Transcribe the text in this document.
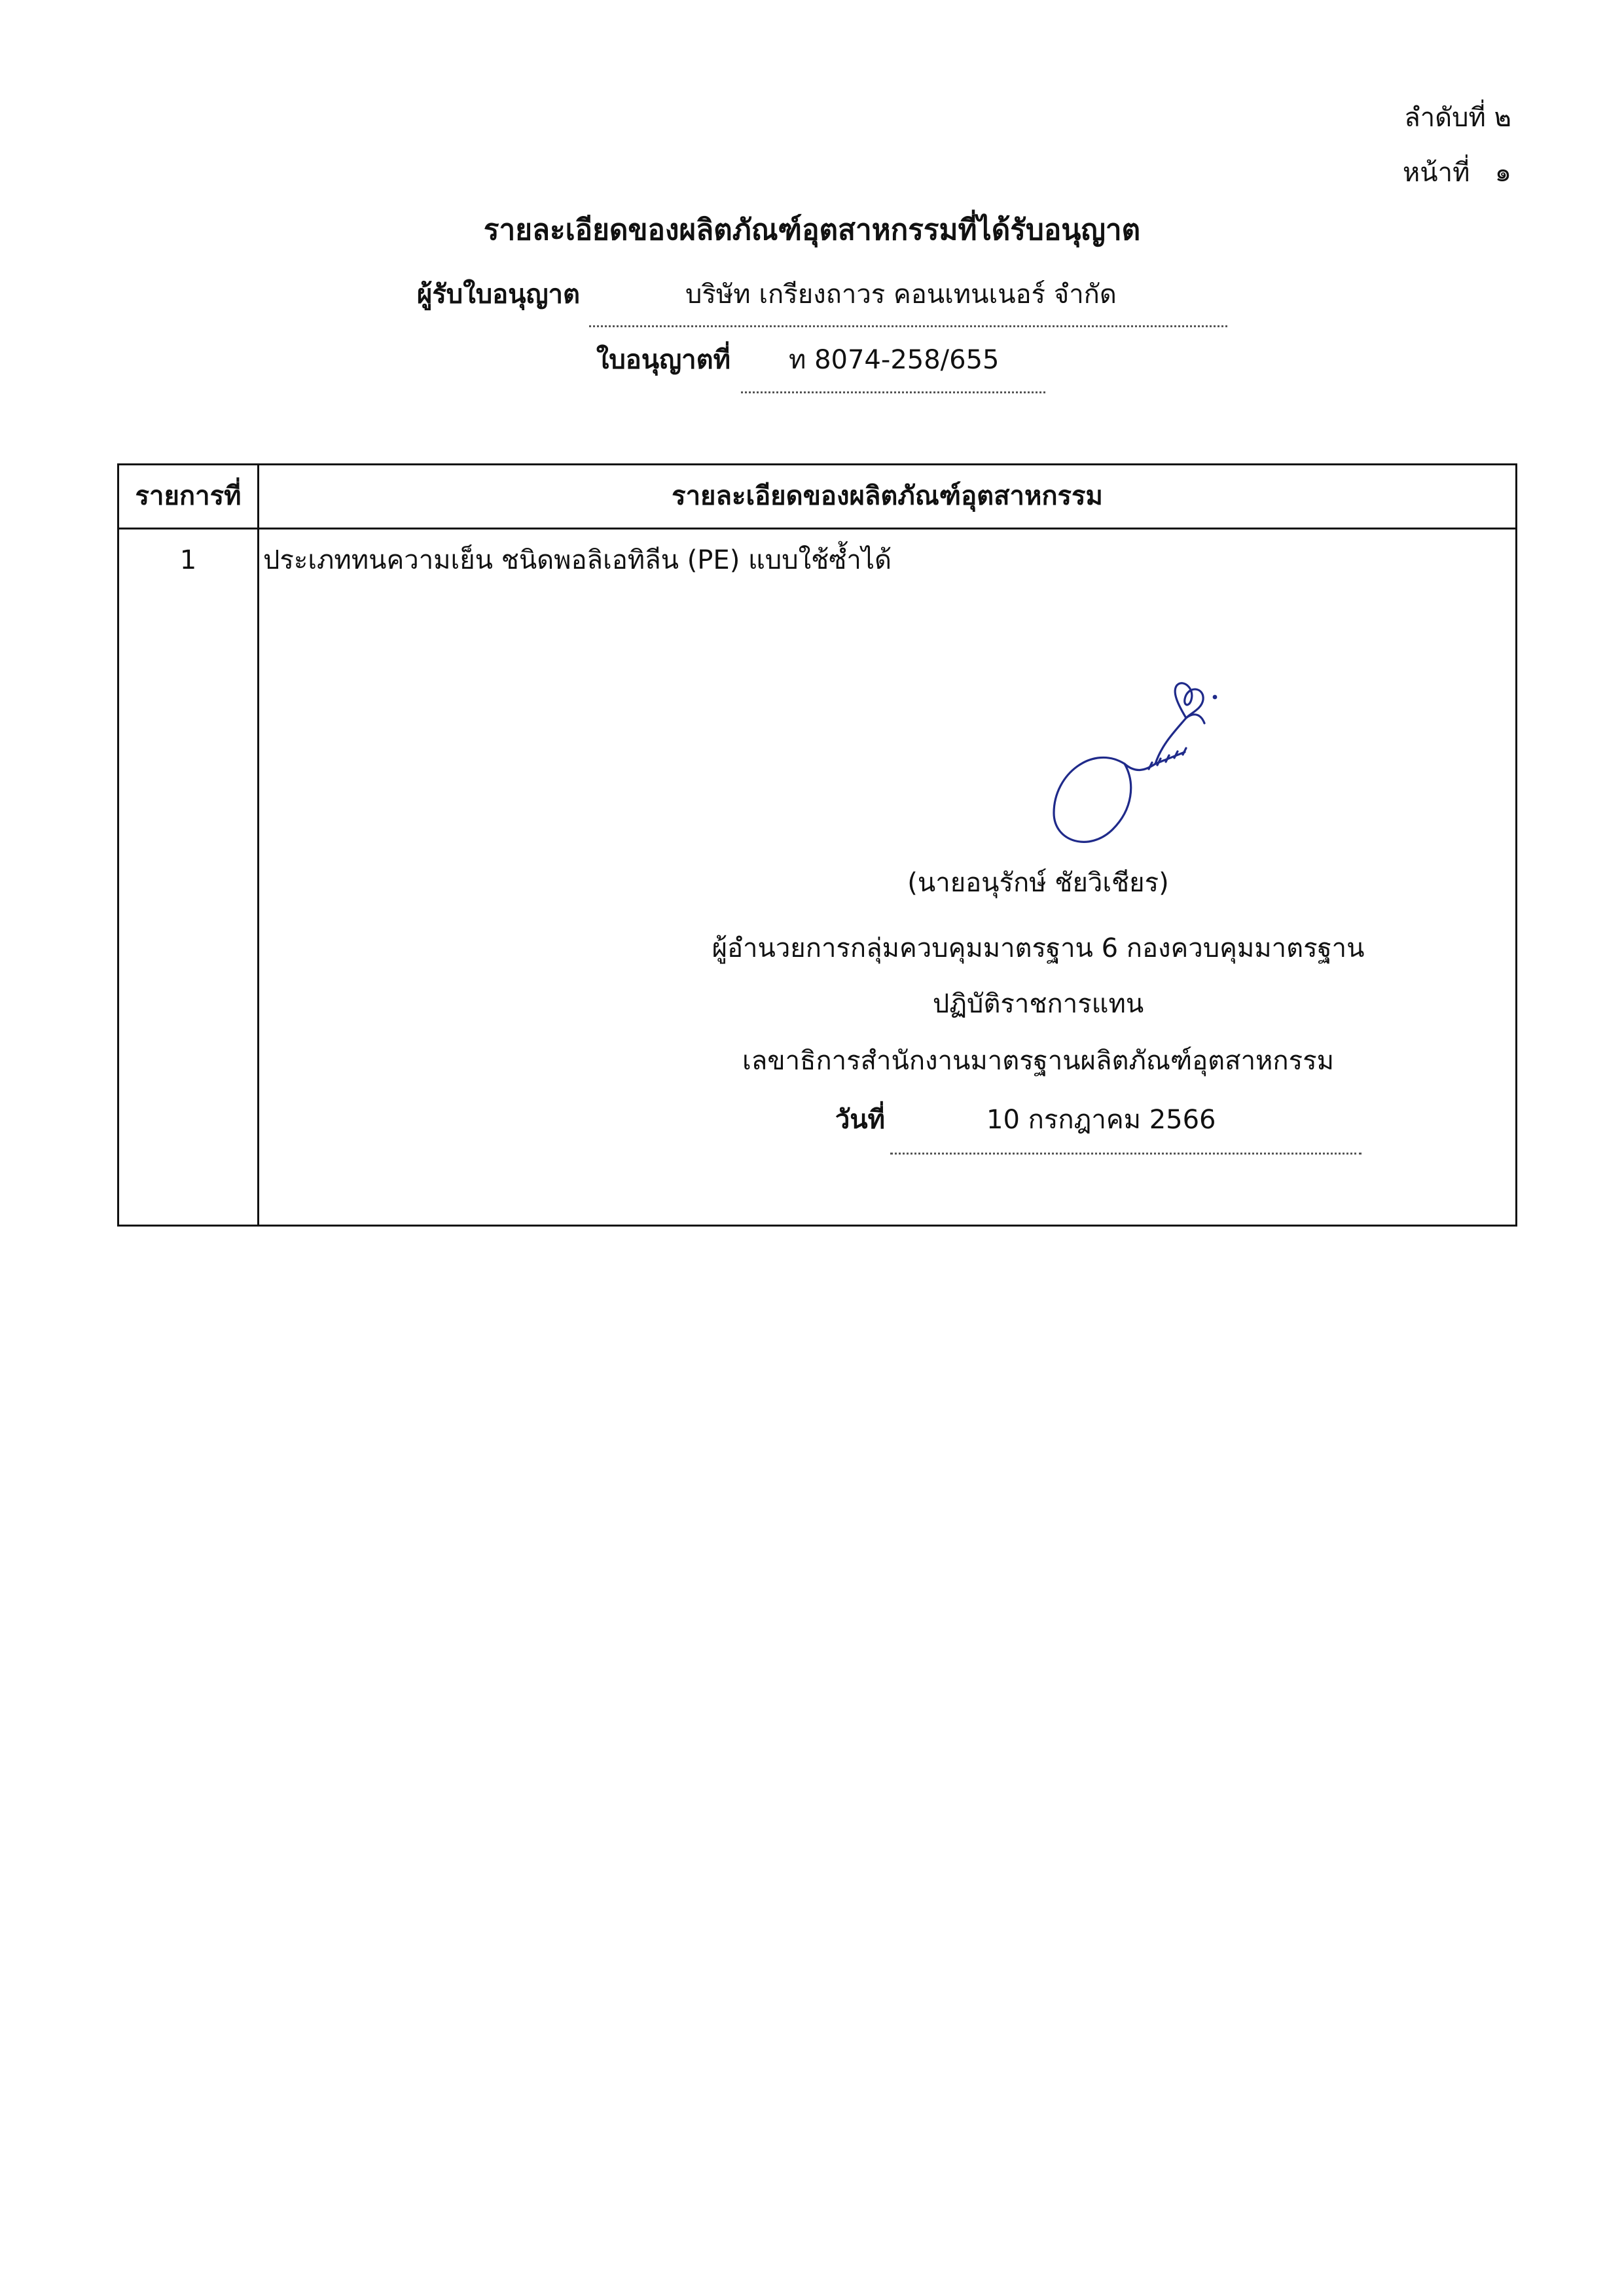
ลำดับที่ ๒
หน้าที่   ๑
รายละเอียดของผลิตภัณฑ์อุตสาหกรรมที่ได้รับอนุญาต
ผู้รับใบอนุญาต	บริษัท เกรียงถาวร คอนเทนเนอร์ จำกัด
ใบอนุญาตที่ ท 8074-258/655
รายการที่	รายละเอียดของผลิตภัณฑ์อุตสาหกรรม
1	ประเภททนความเย็น ชนิดพอลิเอทิลีน (PE) แบบใช้ซ้ำได้
(นายอนุรักษ์ ชัยวิเชียร)
ผู้อำนวยการกลุ่มควบคุมมาตรฐาน 6 กองควบคุมมาตรฐาน
ปฏิบัติราชการแทน
เลขาธิการสำนักงานมาตรฐานผลิตภัณฑ์อุตสาหกรรม
วันที่	10 กรกฎาคม 2566
